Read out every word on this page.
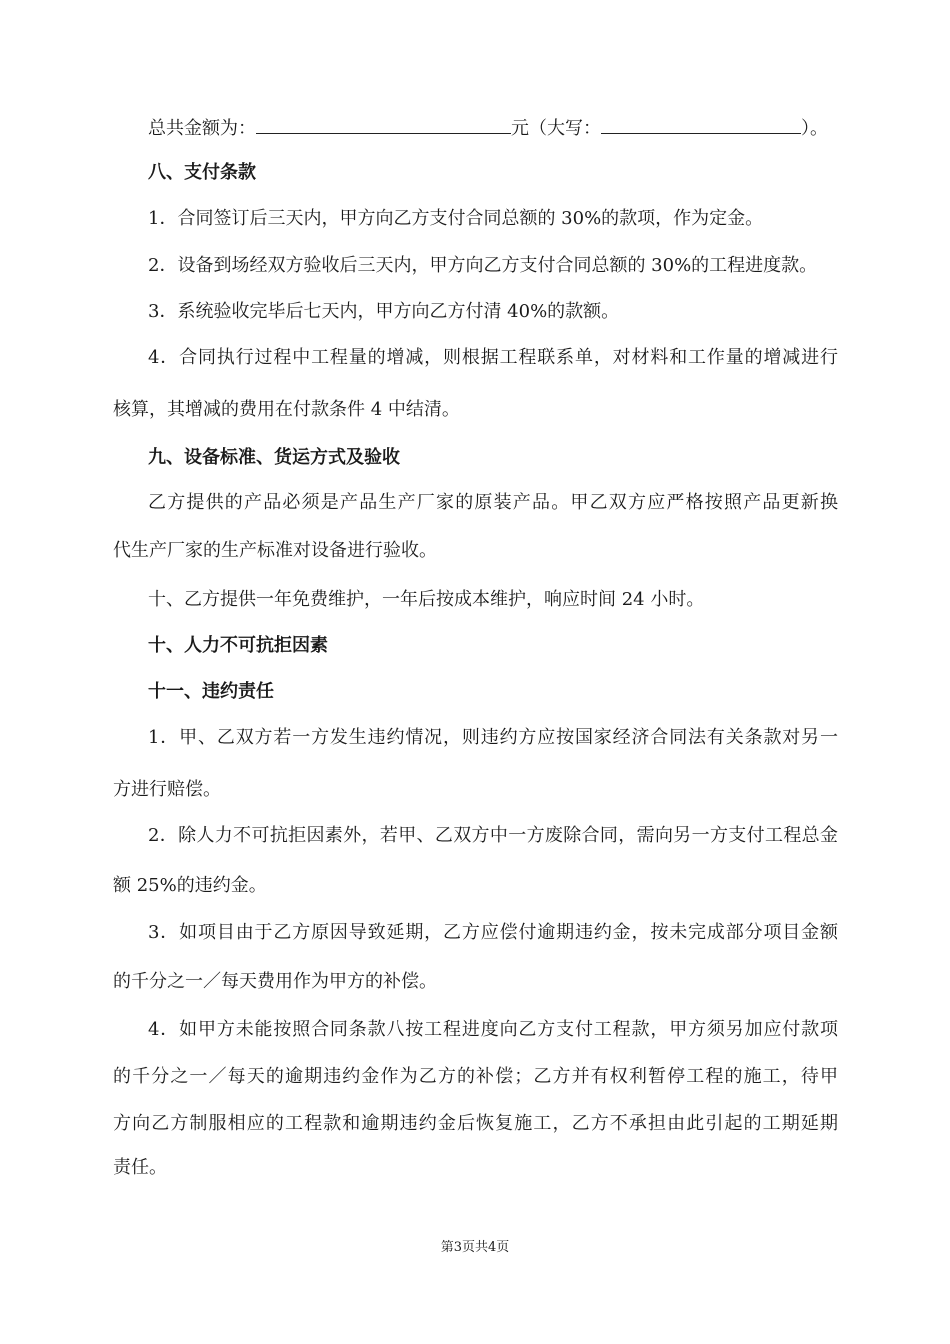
总共金额为：	元（大写：	）。
八、支付条款
1．合同签订后三天内，甲方向乙方支付合同总额的 30%的款项，作为定金。
2．设备到场经双方验收后三天内，甲方向乙方支付合同总额的 30%的工程进度款。
3．系统验收完毕后七天内，甲方向乙方付清 40%的款额。
4．合同执行过程中工程量的增减，则根据工程联系单，对材料和工作量的增减进行
核算，其增减的费用在付款条件 4 中结清。
九、设备标准、货运方式及验收
乙方提供的产品必须是产品生产厂家的原装产品。甲乙双方应严格按照产品更新换
代生产厂家的生产标准对设备进行验收。
十、乙方提供一年免费维护，一年后按成本维护，响应时间 24 小时。
十、人力不可抗拒因素
十一、违约责任
1．甲、乙双方若一方发生违约情况，则违约方应按国家经济合同法有关条款对另一
方进行赔偿。
2．除人力不可抗拒因素外，若甲、乙双方中一方废除合同，需向另一方支付工程总金
额 25%的违约金。
3．如项目由于乙方原因导致延期，乙方应偿付逾期违约金，按未完成部分项目金额
的千分之一／每天费用作为甲方的补偿。
4．如甲方未能按照合同条款八按工程进度向乙方支付工程款，甲方须另加应付款项
的千分之一／每天的逾期违约金作为乙方的补偿；乙方并有权利暂停工程的施工，待甲
方向乙方制服相应的工程款和逾期违约金后恢复施工，乙方不承担由此引起的工期延期
责任。
第3页共4页
